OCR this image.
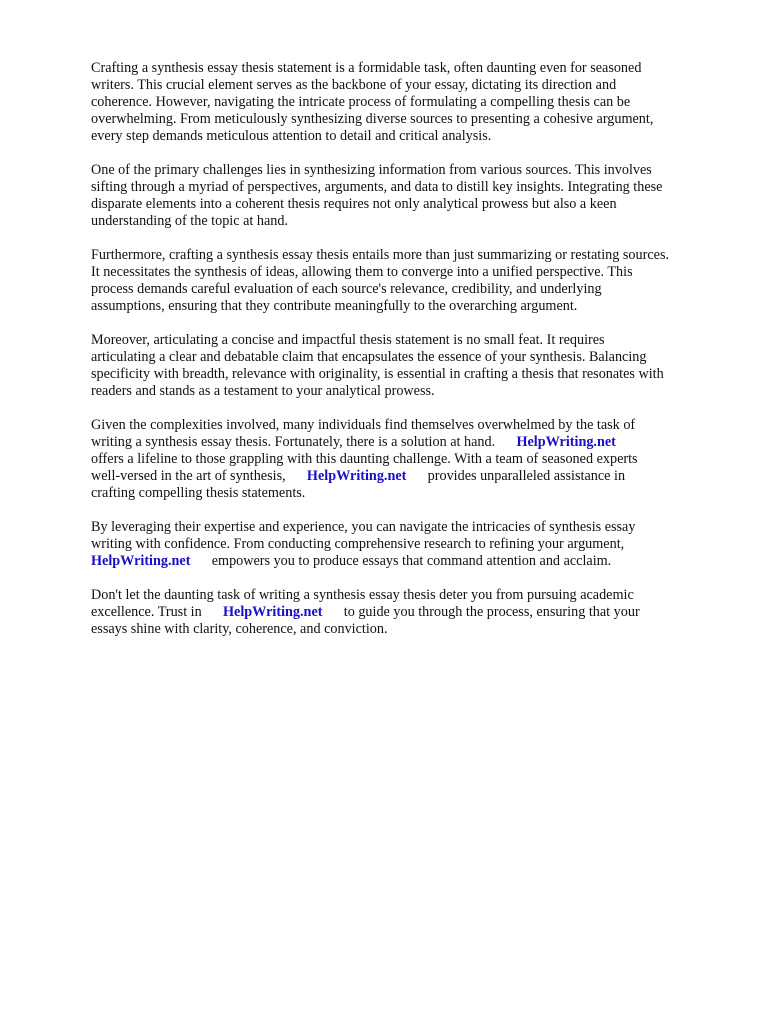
Crafting a synthesis essay thesis statement is a formidable task, often daunting even for seasoned
writers. This crucial element serves as the backbone of your essay, dictating its direction and
coherence. However, navigating the intricate process of formulating a compelling thesis can be
overwhelming. From meticulously synthesizing diverse sources to presenting a cohesive argument,
every step demands meticulous attention to detail and critical analysis.

One of the primary challenges lies in synthesizing information from various sources. This involves
sifting through a myriad of perspectives, arguments, and data to distill key insights. Integrating these
disparate elements into a coherent thesis requires not only analytical prowess but also a keen
understanding of the topic at hand.

Furthermore, crafting a synthesis essay thesis entails more than just summarizing or restating sources.
It necessitates the synthesis of ideas, allowing them to converge into a unified perspective. This
process demands careful evaluation of each source's relevance, credibility, and underlying
assumptions, ensuring that they contribute meaningfully to the overarching argument.

Moreover, articulating a concise and impactful thesis statement is no small feat. It requires
articulating a clear and debatable claim that encapsulates the essence of your synthesis. Balancing
specificity with breadth, relevance with originality, is essential in crafting a thesis that resonates with
readers and stands as a testament to your analytical prowess.

Given the complexities involved, many individuals find themselves overwhelmed by the task of
writing a synthesis essay thesis. Fortunately, there is a solution at hand.      HelpWriting.net
offers a lifeline to those grappling with this daunting challenge. With a team of seasoned experts
well-versed in the art of synthesis,      HelpWriting.net      provides unparalleled assistance in
crafting compelling thesis statements.

By leveraging their expertise and experience, you can navigate the intricacies of synthesis essay
writing with confidence. From conducting comprehensive research to refining your argument,
HelpWriting.net      empowers you to produce essays that command attention and acclaim.

Don't let the daunting task of writing a synthesis essay thesis deter you from pursuing academic
excellence. Trust in      HelpWriting.net      to guide you through the process, ensuring that your
essays shine with clarity, coherence, and conviction.
